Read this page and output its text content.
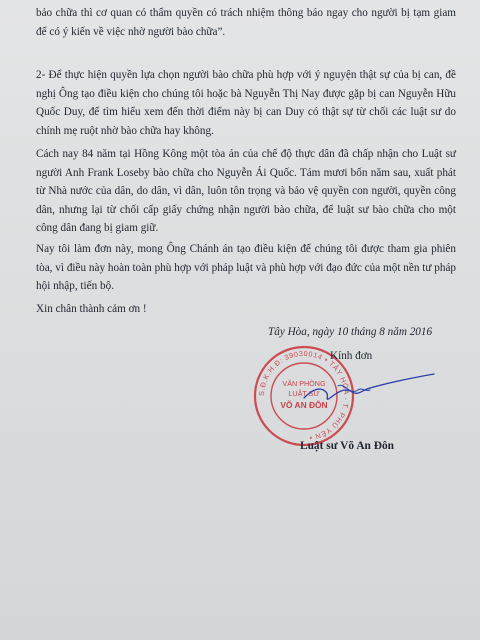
bảo chữa thì cơ quan có thẩm quyền có trách nhiệm thông báo ngay cho người bị tạm giam để có ý kiến về việc nhờ người bào chữa”.

2- Để thực hiện quyền lựa chọn người bào chữa phù hợp với ý nguyện thật sự của bị can, đề nghị Ông tạo điều kiện cho chúng tôi hoặc bà Nguyễn Thị Nay được gặp bị can Nguyễn Hữu Quốc Duy, để tìm hiểu xem đến thời điểm này bị can Duy có thật sự từ chối các luật sư do chính mẹ ruột nhờ bào chữa hay không.

Cách nay 84 năm tại Hồng Kông một tòa án của chế độ thực dân đã chấp nhận cho Luật sư người Anh Frank Loseby bào chữa cho Nguyễn Ái Quốc. Tám mươi bốn năm sau, xuất phát từ Nhà nước của dân, do dân, vì dân, luôn tôn trọng và bảo vệ quyền con người, quyền công dân, nhưng lại từ chối cấp giấy chứng nhận người bào chữa, để luật sư bào chữa cho một công dân đang bị giam giữ.

Nay tôi làm đơn này, mong Ông Chánh án tạo điều kiện để chúng tôi được tham gia phiên tòa, vì điều này hoàn toàn phù hợp với pháp luật và phù hợp với đạo đức của một nền tư pháp hội nhập, tiến bộ.

Xin chân thành cảm ơn !

Tây Hòa, ngày 10 tháng 8 năm 2016

S.Đ.K.H.Đ: 39030014 • TÂY HÒA - T. PHÚ YÊN •
VĂN PHÒNG
LUẬT SƯ
VÕ AN ĐÔN

Kính đơn

Luật sư Võ An Đôn
